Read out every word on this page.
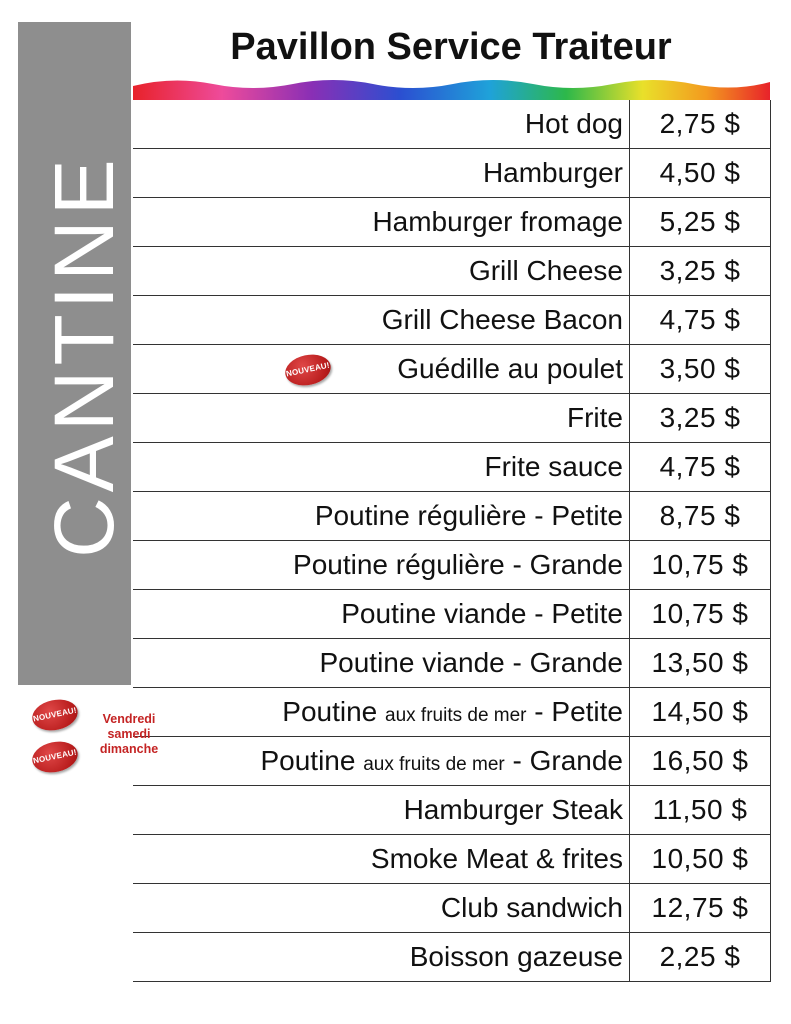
CANTINE
Pavillon Service Traiteur
Hot dog	2,75 $
Hamburger	4,50 $
Hamburger fromage	5,25 $
Grill Cheese	3,25 $
Grill Cheese Bacon	4,75 $

NOUVEAU! Guédille au poulet	3,50 $
Frite	3,25 $
Frite sauce	4,75 $
Poutine régulière - Petite	8,75 $
Poutine régulière - Grande	10,75 $
Poutine viande - Petite	10,75 $
Poutine viande - Grande	13,50 $
Poutine aux fruits de mer - Petite	14,50 $
Poutine aux fruits de mer - Grande	16,50 $
Hamburger Steak	11,50 $
Smoke Meat & frites	10,50 $
Club sandwich	12,75 $
Boisson gazeuse	2,25 $
NOUVEAU!
NOUVEAU!
Vendredi
samedi
dimanche
